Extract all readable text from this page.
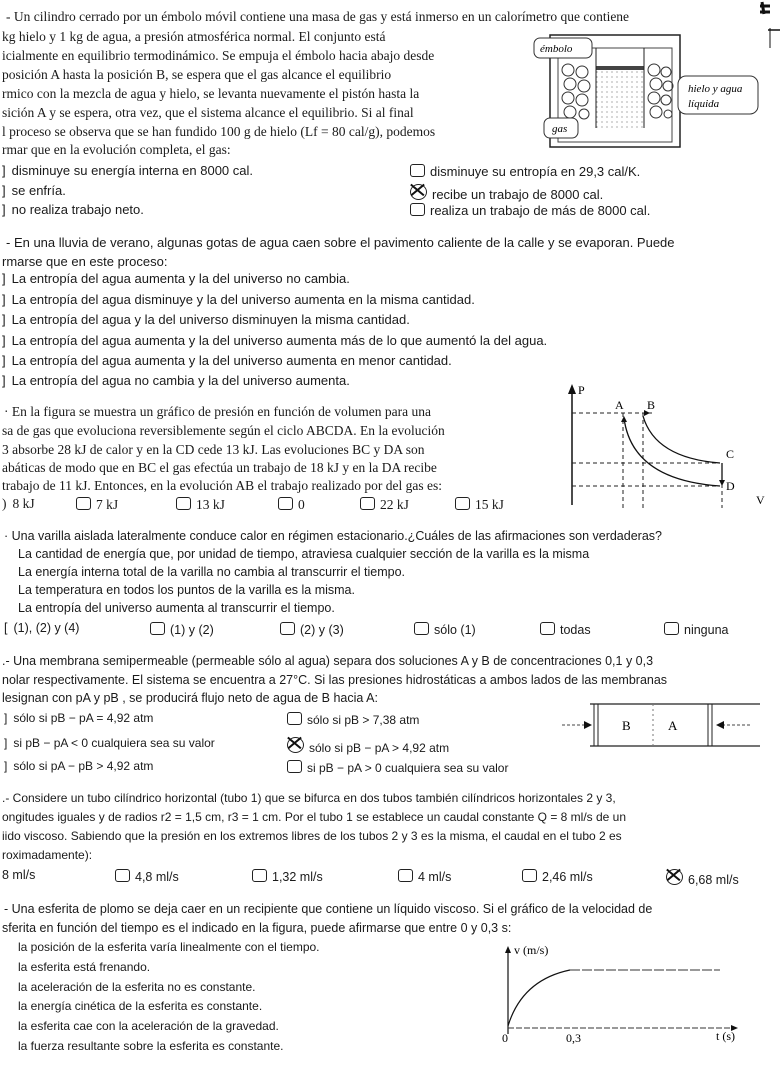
- Un cilindro cerrado por un émbolo móvil contiene una masa de gas y está inmerso en un calorímetro que contiene
kg hielo y 1 kg de agua, a presión atmosférica normal. El conjunto está
icialmente en equilibrio termodinámico. Se empuja el émbolo hacia abajo desde
posición A hasta la posición B, se espera que el gas alcance el equilibrio
rmico con la mezcla de agua y hielo, se levanta nuevamente el pistón hasta la
sición A y se espera, otra vez, que el sistema alcance el equilibrio. Si al final
l proceso se observa que se han fundido 100 g de hielo (Lf = 80 cal/g), podemos
rmar que en la evolución completa, el gas:
émbolo
hielo y agua
líquida
gas
] disminuye su energía interna en 8000 cal.
] se enfría.
] no realiza trabajo neto.
disminuye su entropía en 29,3 cal/K.
recibe un trabajo de 8000 cal.
realiza un trabajo de más de 8000 cal.
- En una lluvia de verano, algunas gotas de agua caen sobre el pavimento caliente de la calle y se evaporan. Puede
rmarse que en este proceso:
] La entropía del agua aumenta y la del universo no cambia.
] La entropía del agua disminuye y la del universo aumenta en la misma cantidad.
] La entropía del agua y la del universo disminuyen la misma cantidad.
] La entropía del agua aumenta y la del universo aumenta más de lo que aumentó la del agua.
] La entropía del agua aumenta y la del universo aumenta en menor cantidad.
] La entropía del agua no cambia y la del universo aumenta.
· En la figura se muestra un gráfico de presión en función de volumen para una
sa de gas que evoluciona reversiblemente según el ciclo ABCDA. En la evolución
3 absorbe 28 kJ de calor y en la CD cede 13 kJ. Las evoluciones BC y DA son
abáticas de modo que en BC el gas efectúa un trabajo de 18 kJ y en la DA recibe
trabajo de 11 kJ. Entonces, en la evolución AB el trabajo realizado por del gas es:
) 8 kJ	7 kJ	13 kJ	0	22 kJ	15 kJ
P
V
A B
C
D
· Una varilla aislada lateralmente conduce calor en régimen estacionario.¿Cuáles de las afirmaciones son verdaderas?
La cantidad de energía que, por unidad de tiempo, atraviesa cualquier sección de la varilla es la misma
La energía interna total de la varilla no cambia al transcurrir el tiempo.
La temperatura en todos los puntos de la varilla es la misma.
La entropía del universo aumenta al transcurrir el tiempo.
[ (1), (2) y (4)	(1) y (2)	(2) y (3)	sólo (1)	todas	ninguna
.- Una membrana semipermeable (permeable sólo al agua) separa dos soluciones A y B de concentraciones 0,1 y 0,3
nolar respectivamente. El sistema se encuentra a 27°C. Si las presiones hidrostáticas a ambos lados de las membranas
lesignan con pA y pB , se producirá flujo neto de agua de B hacia A:
] sólo si pB − pA = 4,92 atm
] si pB − pA < 0 cualquiera sea su valor
] sólo si pA − pB > 4,92 atm
sólo si pB > 7,38 atm
sólo si pB − pA > 4,92 atm
si pB − pA > 0 cualquiera sea su valor
B	A
.- Considere un tubo cilíndrico horizontal (tubo 1) que se bifurca en dos tubos también cilíndricos horizontales 2 y 3,
ongitudes iguales y de radios r2 = 1,5 cm, r3 = 1 cm. Por el tubo 1 se establece un caudal constante Q = 8 ml/s de un
iido viscoso. Sabiendo que la presión en los extremos libres de los tubos 2 y 3 es la misma, el caudal en el tubo 2 es
roximadamente):
8 ml/s	4,8 ml/s	1,32 ml/s	4 ml/s	2,46 ml/s	6,68 ml/s
- Una esferita de plomo se deja caer en un recipiente que contiene un líquido viscoso. Si el gráfico de la velocidad de
sferita en función del tiempo es el indicado en la figura, puede afirmarse que entre 0 y 0,3 s:
la posición de la esferita varía linealmente con el tiempo.
la esferita está frenando.
la aceleración de la esferita no es constante.
la energía cinética de la esferita es constante.
la esferita cae con la aceleración de la gravedad.
la fuerza resultante sobre la esferita es constante.
v (m/s)
0	0,3	t (s)
